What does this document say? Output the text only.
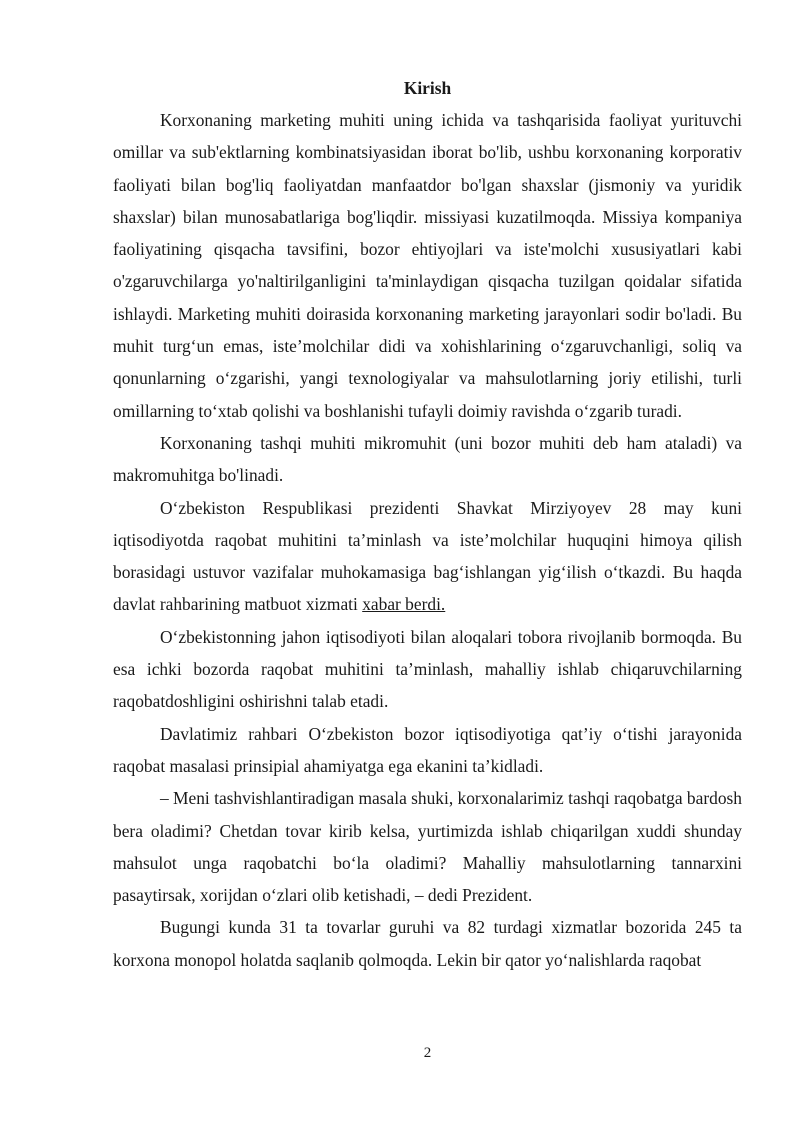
Kirish

Korxonaning marketing muhiti uning ichida va tashqarisida faoliyat yurituvchi omillar va sub'ektlarning kombinatsiyasidan iborat bo'lib, ushbu korxonaning korporativ faoliyati bilan bog'liq faoliyatdan manfaatdor bo'lgan shaxslar (jismoniy va yuridik shaxslar) bilan munosabatlariga bog'liqdir. missiyasi kuzatilmoqda. Missiya kompaniya faoliyatining qisqacha tavsifini, bozor ehtiyojlari va iste'molchi xususiyatlari kabi o'zgaruvchilarga yo'naltirilganligini ta'minlaydigan qisqacha tuzilgan qoidalar sifatida ishlaydi. Marketing muhiti doirasida korxonaning marketing jarayonlari sodir bo'ladi. Bu muhit turg‘un emas, iste’molchilar didi va xohishlarining o‘zgaruvchanligi, soliq va qonunlarning o‘zgarishi, yangi texnologiyalar va mahsulotlarning joriy etilishi, turli omillarning to‘xtab qolishi va boshlanishi tufayli doimiy ravishda o‘zgarib turadi.

Korxonaning tashqi muhiti mikromuhit (uni bozor muhiti deb ham ataladi) va makromuhitga bo'linadi.

O‘zbekiston Respublikasi prezidenti Shavkat Mirziyoyev 28 may kuni iqtisodiyotda raqobat muhitini ta’minlash va iste’molchilar huquqini himoya qilish borasidagi ustuvor vazifalar muhokamasiga bag‘ishlangan yig‘ilish o‘tkazdi. Bu haqda davlat rahbarining matbuot xizmati xabar berdi.

O‘zbekistonning jahon iqtisodiyoti bilan aloqalari tobora rivojlanib bormoqda. Bu esa ichki bozorda raqobat muhitini ta’minlash, mahalliy ishlab chiqaruvchilarning raqobatdoshligini oshirishni talab etadi.

Davlatimiz rahbari O‘zbekiston bozor iqtisodiyotiga qat’iy o‘tishi jarayonida raqobat masalasi prinsipial ahamiyatga ega ekanini ta’kidladi.

– Meni tashvishlantiradigan masala shuki, korxonalarimiz tashqi raqobatga bardosh bera oladimi? Chetdan tovar kirib kelsa, yurtimizda ishlab chiqarilgan xuddi shunday mahsulot unga raqobatchi bo‘la oladimi? Mahalliy mahsulotlarning tannarxini pasaytirsak, xorijdan o‘zlari olib ketishadi, – dedi Prezident.

Bugungi kunda 31 ta tovarlar guruhi va 82 turdagi xizmatlar bozorida 245 ta korxona monopol holatda saqlanib qolmoqda. Lekin bir qator yo‘nalishlarda raqobat

2
